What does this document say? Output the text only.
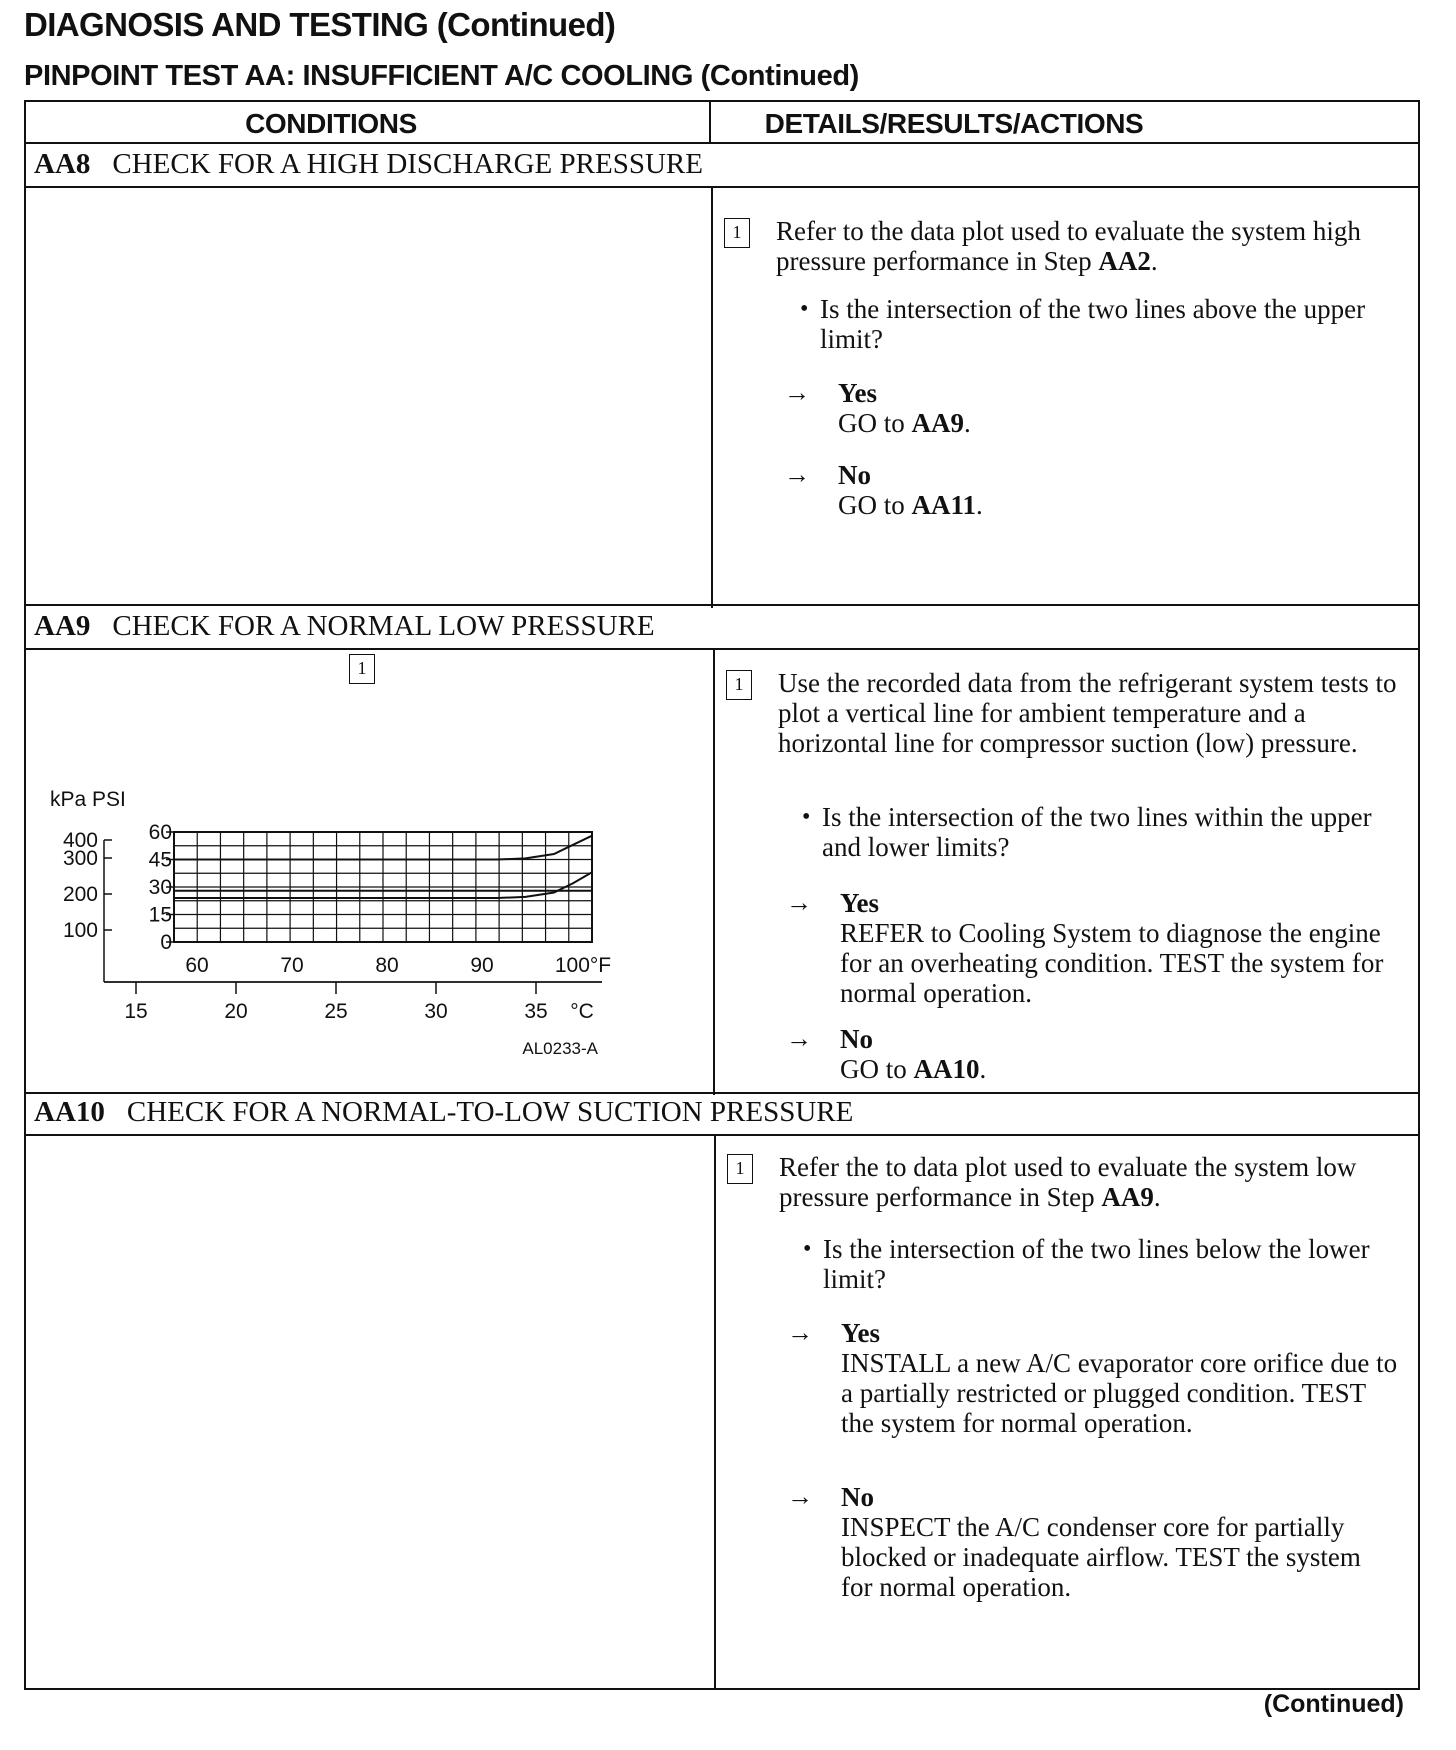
DIAGNOSIS AND TESTING (Continued)
PINPOINT TEST AA: INSUFFICIENT A/C COOLING (Continued)
CONDITIONS	DETAILS/RESULTS/ACTIONS
AA8 CHECK FOR A HIGH DISCHARGE PRESSURE
1	Refer to the data plot used to evaluate the system high pressure performance in Step AA2.
• Is the intersection of the two lines above the upper limit?
→ Yes
GO to AA9.
→ No
GO to AA11.
AA9 CHECK FOR A NORMAL LOW PRESSURE
1
kPa PSI
60
45
30
15
0
400
300
200
100
60	70	80	90	100°F
15	20	25	30	35 °C
AL0233-A
1	Use the recorded data from the refrigerant system tests to plot a vertical line for ambient temperature and a horizontal line for compressor suction (low) pressure.
• Is the intersection of the two lines within the upper and lower limits?
→ Yes
REFER to Cooling System to diagnose the engine for an overheating condition. TEST the system for normal operation.
→ No
GO to AA10.
AA10 CHECK FOR A NORMAL-TO-LOW SUCTION PRESSURE
1	Refer the to data plot used to evaluate the system low pressure performance in Step AA9.
• Is the intersection of the two lines below the lower limit?
→ Yes
INSTALL a new A/C evaporator core orifice due to a partially restricted or plugged condition. TEST the system for normal operation.
→ No
INSPECT the A/C condenser core for partially blocked or inadequate airflow. TEST the system for normal operation.
(Continued)
